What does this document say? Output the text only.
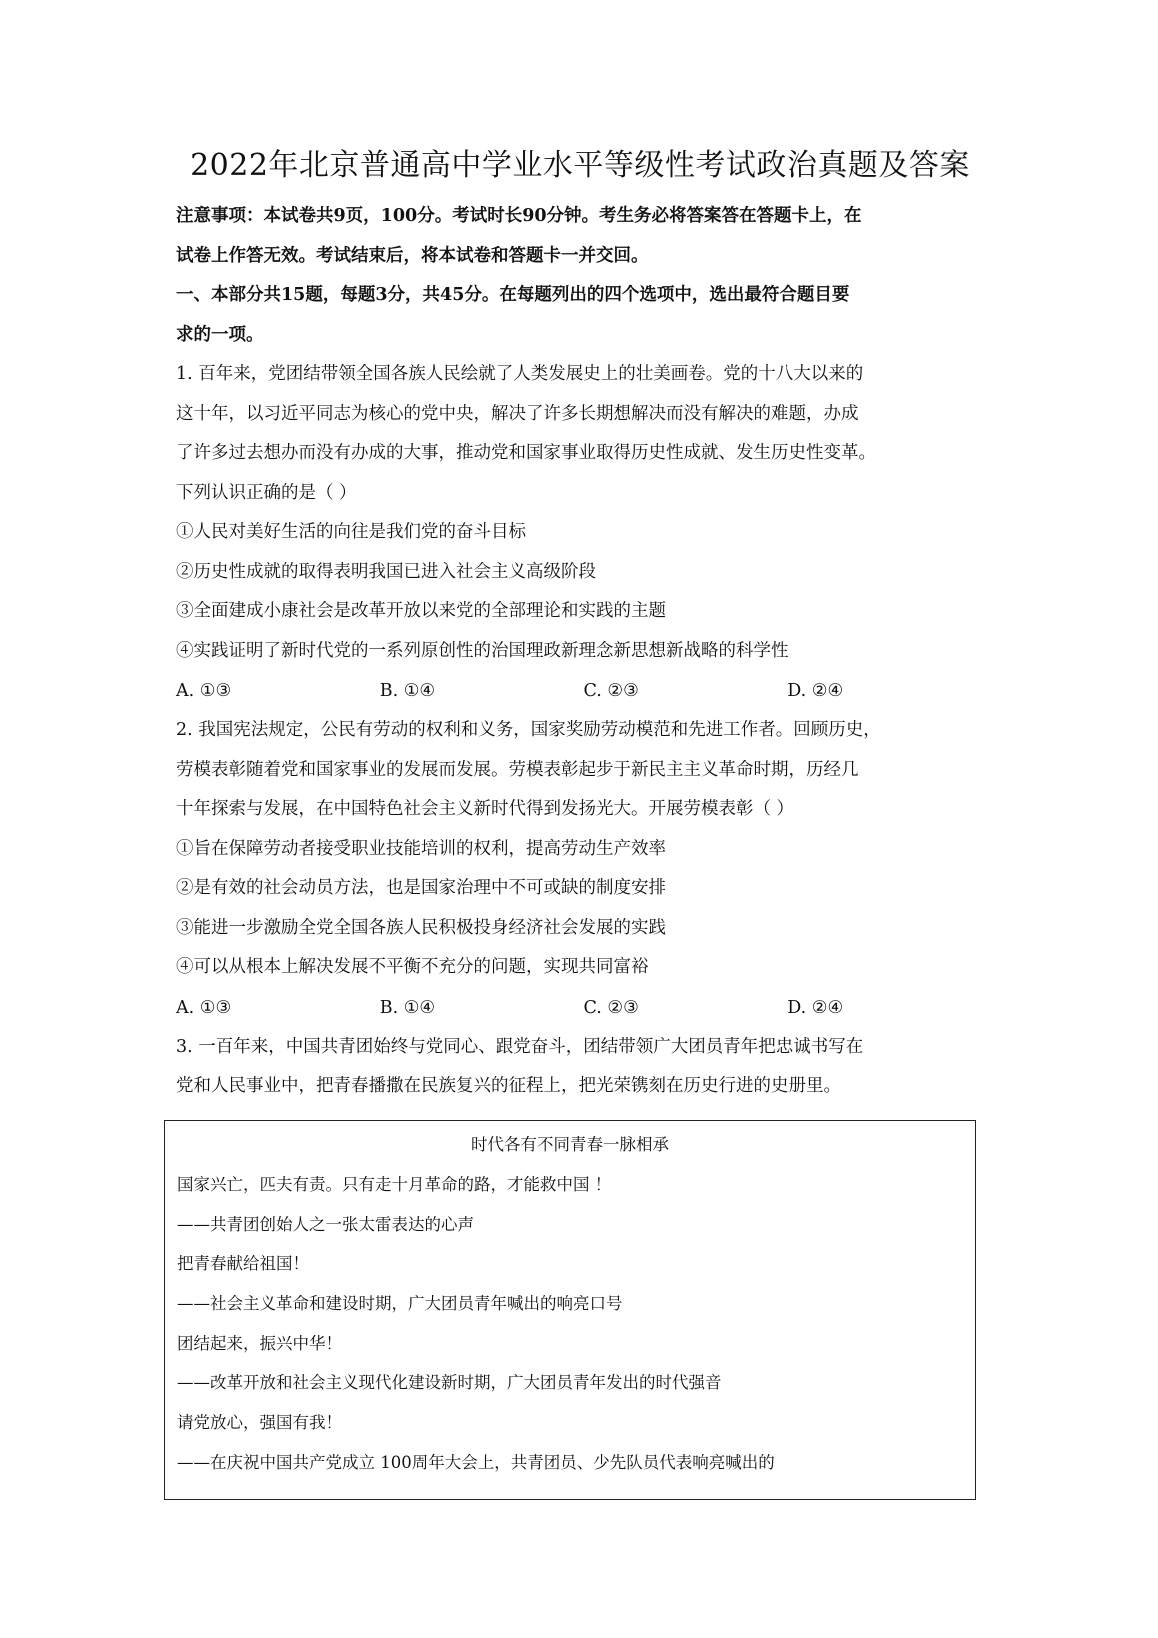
2022年北京普通高中学业水平等级性考试政治真题及答案
注意事项：本试卷共9页，100分。考试时长90分钟。考生务必将答案答在答题卡上，在
试卷上作答无效。考试结束后，将本试卷和答题卡一并交回。
一、本部分共15题，每题3分，共45分。在每题列出的四个选项中，选出最符合题目要
求的一项。
1. 百年来，党团结带领全国各族人民绘就了人类发展史上的壮美画卷。党的十八大以来的
这十年，以习近平同志为核心的党中央，解决了许多长期想解决而没有解决的难题，办成
了许多过去想办而没有办成的大事，推动党和国家事业取得历史性成就、发生历史性变革。
下列认识正确的是（ ）
①人民对美好生活的向往是我们党的奋斗目标
②历史性成就的取得表明我国已进入社会主义高级阶段
③全面建成小康社会是改革开放以来党的全部理论和实践的主题
④实践证明了新时代党的一系列原创性的治国理政新理念新思想新战略的科学性
A. ①③	B. ①④	C. ②③	D. ②④
2. 我国宪法规定，公民有劳动的权利和义务，国家奖励劳动模范和先进工作者。回顾历史，
劳模表彰随着党和国家事业的发展而发展。劳模表彰起步于新民主主义革命时期，历经几
十年探索与发展，在中国特色社会主义新时代得到发扬光大。开展劳模表彰（ ）
①旨在保障劳动者接受职业技能培训的权利，提高劳动生产效率
②是有效的社会动员方法，也是国家治理中不可或缺的制度安排
③能进一步激励全党全国各族人民积极投身经济社会发展的实践
④可以从根本上解决发展不平衡不充分的问题，实现共同富裕
A. ①③	B. ①④	C. ②③	D. ②④
3. 一百年来，中国共青团始终与党同心、跟党奋斗，团结带领广大团员青年把忠诚书写在
党和人民事业中，把青春播撒在民族复兴的征程上，把光荣镌刻在历史行进的史册里。
时代各有不同青春一脉相承
国家兴亡，匹夫有责。只有走十月革命的路，才能救中国 ！
——共青团创始人之一张太雷表达的心声
把青春献给祖国！
——社会主义革命和建设时期，广大团员青年喊出的响亮口号
团结起来，振兴中华！
——改革开放和社会主义现代化建设新时期，广大团员青年发出的时代强音
请党放心，强国有我！
——在庆祝中国共产党成立 100周年大会上，共青团员、少先队员代表响亮喊出的
